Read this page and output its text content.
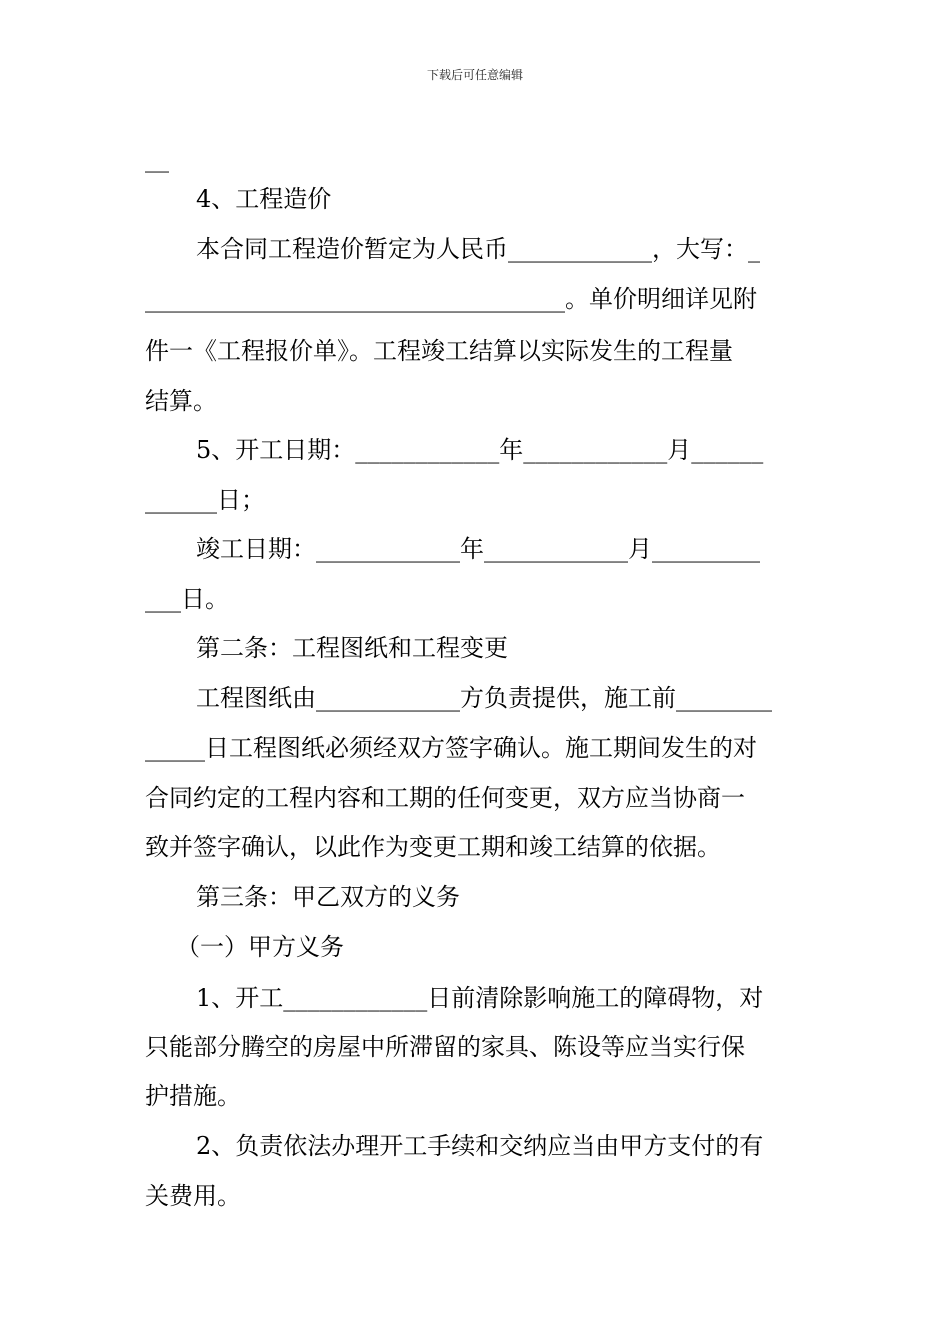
下载后可任意编辑
__
4、工程造价
本合同工程造价暂定为人民币____________，大写：_
___________________________________。单价明细详见附
件一《工程报价单》。工程竣工结算以实际发生的工程量
结算。
5、开工日期：____________年____________月______
______日；
竣工日期：____________年____________月_________
___日。
第二条：工程图纸和工程变更
工程图纸由____________方负责提供，施工前________
_____日工程图纸必须经双方签字确认。施工期间发生的对
合同约定的工程内容和工期的任何变更，双方应当协商一
致并签字确认，以此作为变更工期和竣工结算的依据。
第三条：甲乙双方的义务
（一）甲方义务
1、开工____________日前清除影响施工的障碍物，对
只能部分腾空的房屋中所滞留的家具、陈设等应当实行保
护措施。
2、负责依法办理开工手续和交纳应当由甲方支付的有
关费用。
